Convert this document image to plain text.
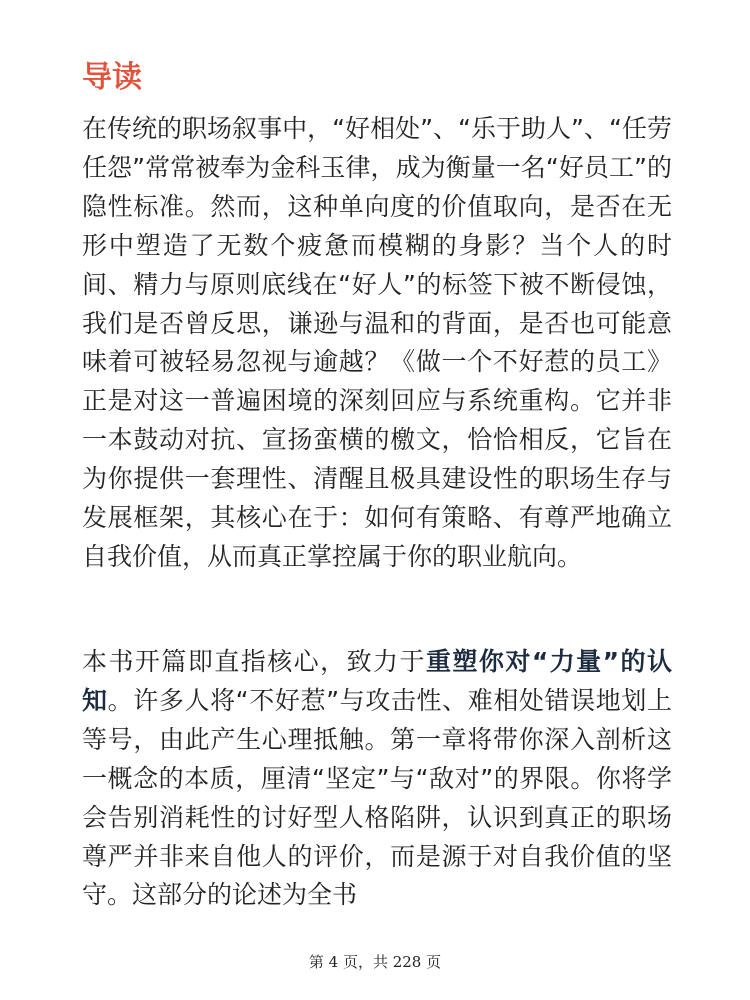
导读

在传统的职场叙事中，“好相处”、“乐于助人”、“任劳任怨”常常被奉为金科玉律，成为衡量一名“好员工”的隐性标准。然而，这种单向度的价值取向，是否在无形中塑造了无数个疲惫而模糊的身影？当个人的时间、精力与原则底线在“好人”的标签下被不断侵蚀，我们是否曾反思，谦逊与温和的背面，是否也可能意味着可被轻易忽视与逾越？《做一个不好惹的员工》正是对这一普遍困境的深刻回应与系统重构。它并非一本鼓动对抗、宣扬蛮横的檄文，恰恰相反，它旨在为你提供一套理性、清醒且极具建设性的职场生存与发展框架，其核心在于：如何有策略、有尊严地确立自我价值，从而真正掌控属于你的职业航向。

本书开篇即直指核心，致力于重塑你对“力量”的认知。许多人将“不好惹”与攻击性、难相处错误地划上等号，由此产生心理抵触。第一章将带你深入剖析这一概念的本质，厘清“坚定”与“敌对”的界限。你将学会告别消耗性的讨好型人格陷阱，认识到真正的职场尊严并非来自他人的评价，而是源于对自我价值的坚守。这部分的论述为全书

第 4 页，共 228 页
